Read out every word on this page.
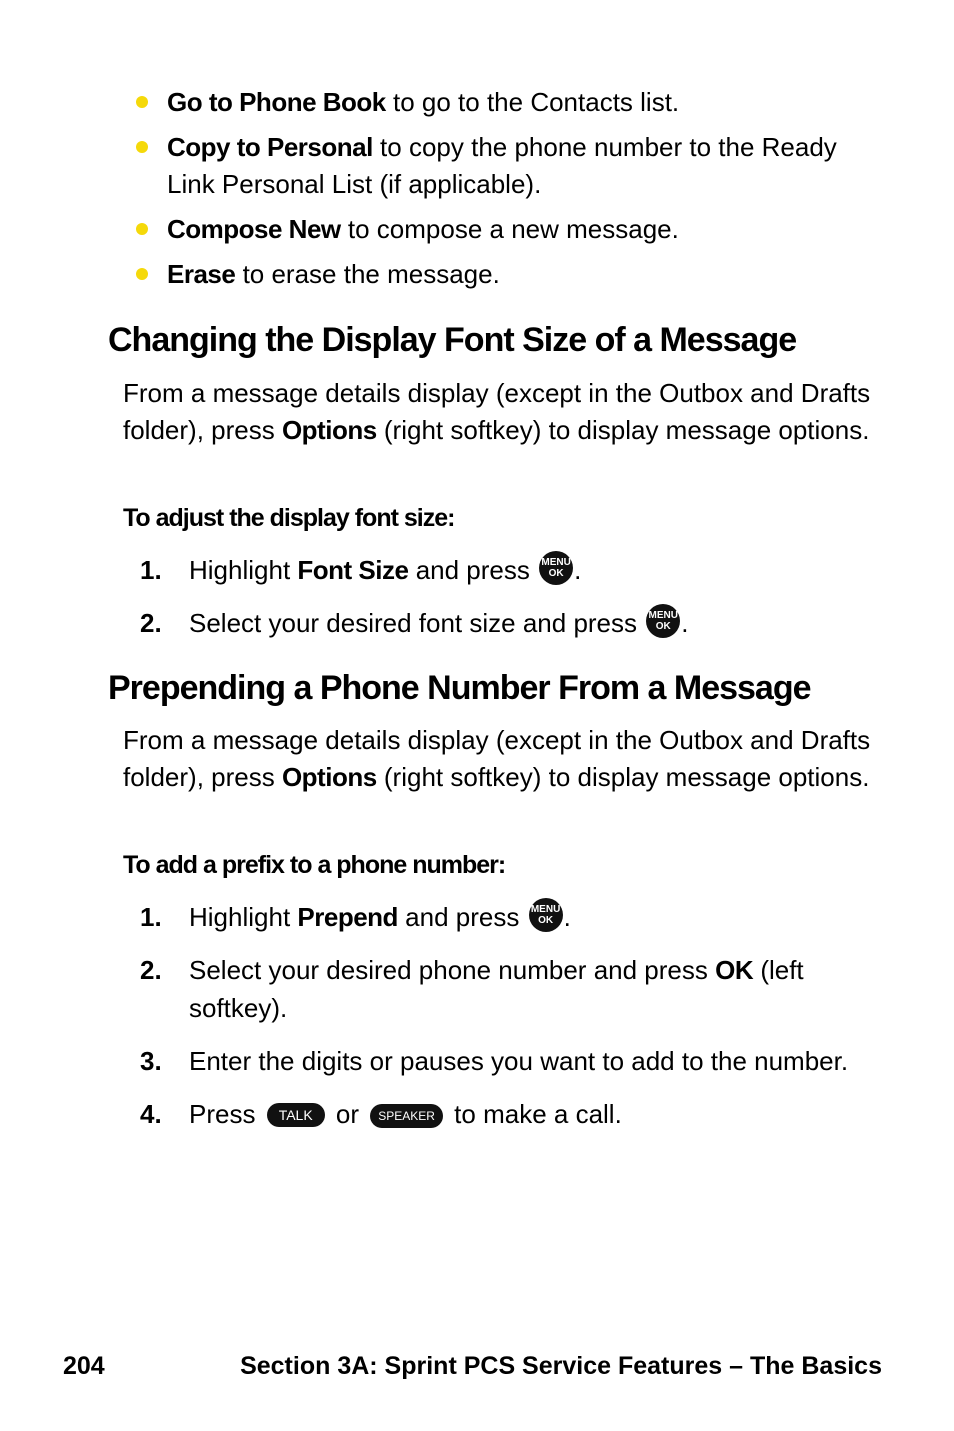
Go to Phone Book to go to the Contacts list.
Copy to Personal to copy the phone number to the Ready Link Personal List (if applicable).
Compose New to compose a new message.
Erase to erase the message.
Changing the Display Font Size of a Message

From a message details display (except in the Outbox and Drafts folder), press Options (right softkey) to display message options.

To adjust the display font size:

1. Highlight Font Size and press MENU
OK .
2. Select your desired font size and press MENU
OK .
Prepending a Phone Number From a Message

From a message details display (except in the Outbox and Drafts folder), press Options (right softkey) to display message options.

To add a prefix to a phone number:

1. Highlight Prepend and press MENU
OK .
2. Select your desired phone number and press OK (left softkey).
3. Enter the digits or pauses you want to add to the number.
4. Press TALK or SPEAKER to make a call.

204	Section 3A: Sprint PCS Service Features – The Basics
